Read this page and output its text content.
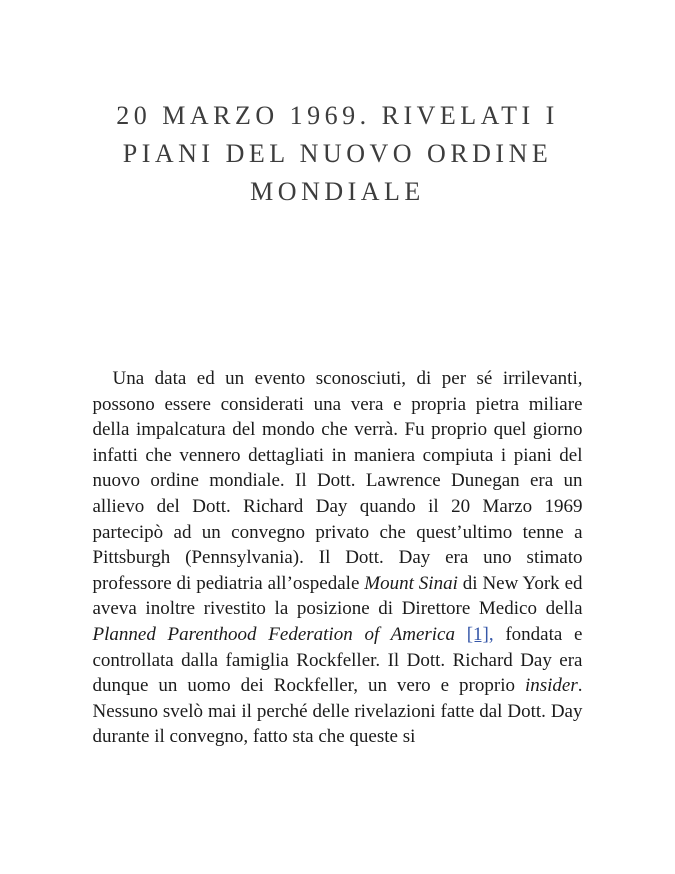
20 MARZO 1969. RIVELATI I
PIANI DEL NUOVO ORDINE
MONDIALE

Una data ed un evento sconosciuti, di per sé irrilevanti, possono essere considerati una vera e propria pietra miliare della impalcatura del mondo che verrà. Fu proprio quel giorno infatti che vennero dettagliati in maniera compiuta i piani del nuovo ordine mondiale. Il Dott. Lawrence Dunegan era un allievo del Dott. Richard Day quando il 20 Marzo 1969 partecipò ad un convegno privato che quest’ultimo tenne a Pittsburgh (Pennsylvania). Il Dott. Day era uno stimato professore di pediatria all’ospedale Mount Sinai di New York ed aveva inoltre rivestito la posizione di Direttore Medico della Planned Parenthood Federation of America [1], fondata e controllata dalla famiglia Rockfeller. Il Dott. Richard Day era dunque un uomo dei Rockfeller, un vero e proprio insider. Nessuno svelò mai il perché delle rivelazioni fatte dal Dott. Day durante il convegno, fatto sta che queste si
